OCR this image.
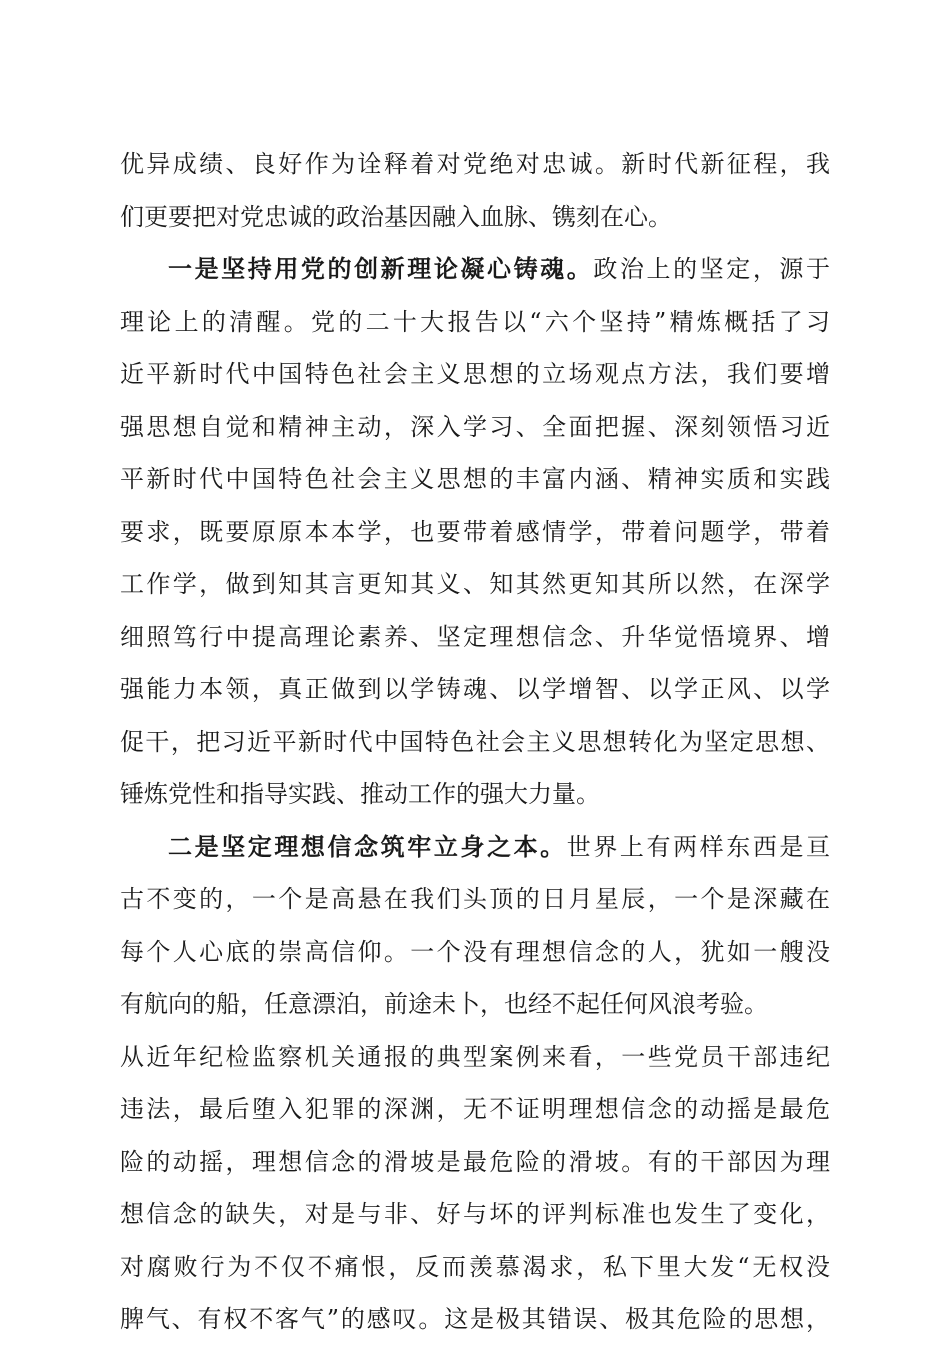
优异成绩、良好作为诠释着对党绝对忠诚。新时代新征程，我
们更要把对党忠诚的政治基因融入血脉、镌刻在心。
一是坚持用党的创新理论凝心铸魂。政治上的坚定，源于
理论上的清醒。党的二十大报告以“六个坚持”精炼概括了习
近平新时代中国特色社会主义思想的立场观点方法，我们要增
强思想自觉和精神主动，深入学习、全面把握、深刻领悟习近
平新时代中国特色社会主义思想的丰富内涵、精神实质和实践
要求，既要原原本本学，也要带着感情学，带着问题学，带着
工作学，做到知其言更知其义、知其然更知其所以然，在深学
细照笃行中提高理论素养、坚定理想信念、升华觉悟境界、增
强能力本领，真正做到以学铸魂、以学增智、以学正风、以学
促干，把习近平新时代中国特色社会主义思想转化为坚定思想、
锤炼党性和指导实践、推动工作的强大力量。
二是坚定理想信念筑牢立身之本。世界上有两样东西是亘
古不变的，一个是高悬在我们头顶的日月星辰，一个是深藏在
每个人心底的崇高信仰。一个没有理想信念的人，犹如一艘没
有航向的船，任意漂泊，前途未卜，也经不起任何风浪考验。
从近年纪检监察机关通报的典型案例来看，一些党员干部违纪
违法，最后堕入犯罪的深渊，无不证明理想信念的动摇是最危
险的动摇，理想信念的滑坡是最危险的滑坡。有的干部因为理
想信念的缺失，对是与非、好与坏的评判标准也发生了变化，
对腐败行为不仅不痛恨，反而羡慕渴求，私下里大发“无权没
脾气、有权不客气”的感叹。这是极其错误、极其危险的思想，
